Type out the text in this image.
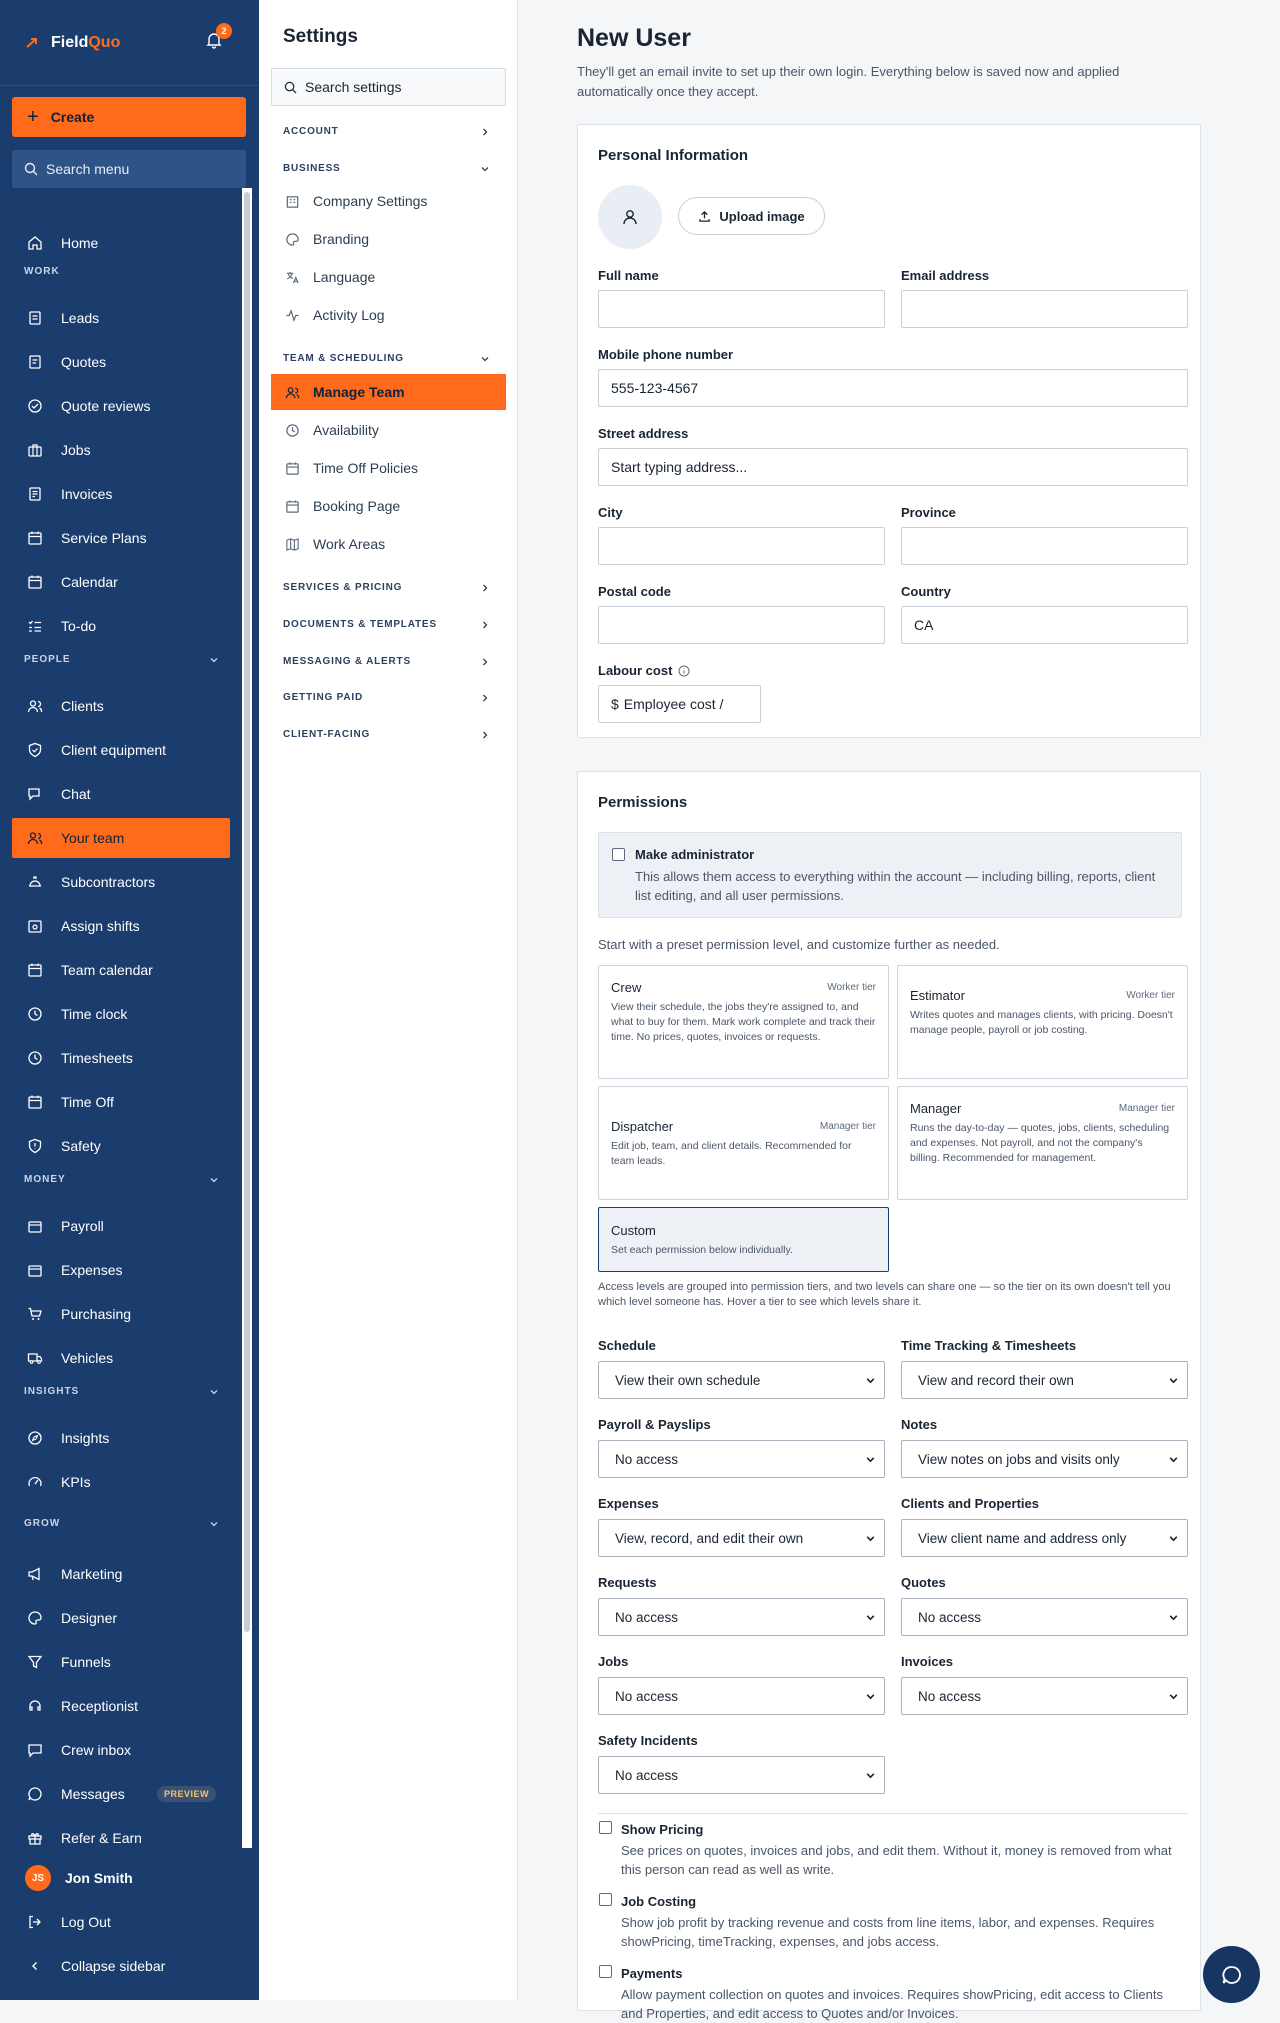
Field Quo
2
+ Create
Search menu
Home
WORK
Leads
Quotes
Quote reviews
Jobs
Invoices
Service Plans
Calendar
To-do
PEOPLE
Clients
Client equipment
Chat
Your team
Subcontractors
Assign shifts
Team calendar
Time clock
Timesheets
Time Off
Safety
MONEY
Payroll
Expenses
Purchasing
Vehicles
INSIGHTS
Insights
KPIs
GROW
Marketing
Designer
Funnels
Receptionist
Crew inbox
Messages	PREVIEW
Refer & Earn
JS	Jon Smith
Log Out
Collapse sidebar
Settings
Search settings
ACCOUNT
BUSINESS
Company Settings
Branding
Language
Activity Log
TEAM & SCHEDULING
Manage Team
Availability
Time Off Policies
Booking Page
Work Areas
SERVICES & PRICING
DOCUMENTS & TEMPLATES
MESSAGING & ALERTS
GETTING PAID
CLIENT-FACING
New User

They'll get an email invite to set up their own login. Everything below is saved now and applied automatically once they accept.

Personal Information
Upload image
Full name	Email address
Mobile phone number
555-123-4567
Street address
Start typing address...
City	Province
Postal code	Country
CA
Labour cost
$ Employee cost /
Permissions
Make administrator
This allows them access to everything within the account — including billing, reports, client list editing, and all user permissions.

Start with a preset permission level, and customize further as needed.

Crew	Worker tier
View their schedule, the jobs they're assigned to, and what to buy for them. Mark work complete and track their time. No prices, quotes, invoices or requests.
Estimator	Worker tier
Writes quotes and manages clients, with pricing. Doesn't manage people, payroll or job costing.
Dispatcher	Manager tier
Edit job, team, and client details. Recommended for team leads.
Manager	Manager tier
Runs the day-to-day — quotes, jobs, clients, scheduling and expenses. Not payroll, and not the company's billing. Recommended for management.
Custom
Set each permission below individually.

Access levels are grouped into permission tiers, and two levels can share one — so the tier on its own doesn't tell you which level someone has. Hover a tier to see which levels share it.

Schedule
View their own schedule
Time Tracking & Timesheets
View and record their own
Payroll & Payslips
No access
Notes
View notes on jobs and visits only
Expenses
View, record, and edit their own
Clients and Properties
View client name and address only
Requests
No access
Quotes
No access
Jobs
No access
Invoices
No access
Safety Incidents
No access
Show Pricing
See prices on quotes, invoices and jobs, and edit them. Without it, money is removed from what this person can read as well as write.
Job Costing
Show job profit by tracking revenue and costs from line items, labor, and expenses. Requires showPricing, timeTracking, expenses, and jobs access.
Payments
Allow payment collection on quotes and invoices. Requires showPricing, edit access to Clients and Properties, and edit access to Quotes and/or Invoices.
